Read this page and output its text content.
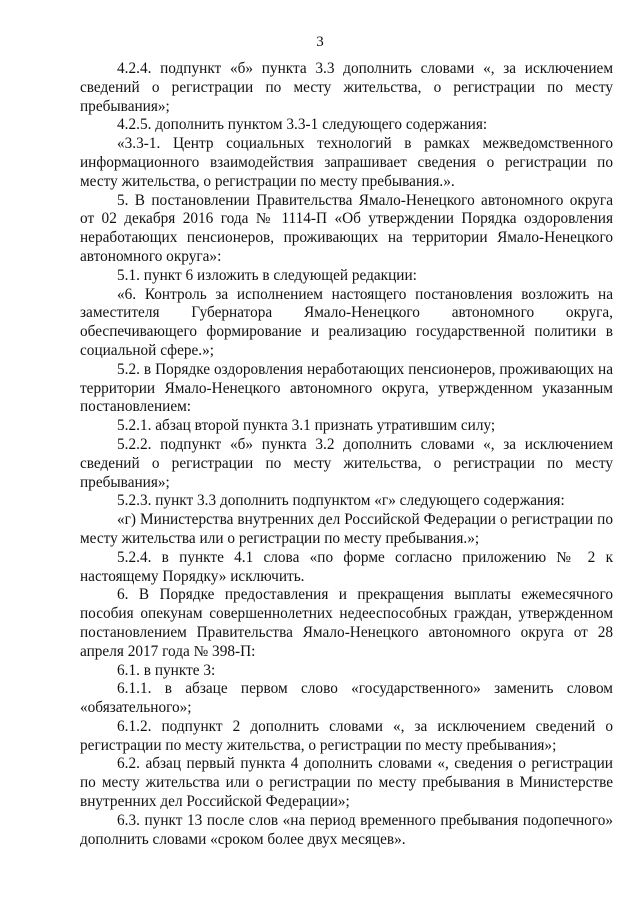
3

4.2.4. подпункт «б» пункта 3.3 дополнить словами «, за исключением сведений о регистрации по месту жительства, о регистрации по месту пребывания»;

4.2.5. дополнить пунктом 3.3-1 следующего содержания:

«3.3-1. Центр социальных технологий в рамках межведомственного информационного взаимодействия запрашивает сведения о регистрации по месту жительства, о регистрации по месту пребывания.».

5. В постановлении Правительства Ямало-Ненецкого автономного округа от 02 декабря 2016 года № 1114-П «Об утверждении Порядка оздоровления неработающих пенсионеров, проживающих на территории Ямало-Ненецкого автономного округа»:

5.1. пункт 6 изложить в следующей редакции:

«6. Контроль за исполнением настоящего постановления возложить на заместителя Губернатора Ямало-Ненецкого автономного округа, обеспечивающего формирование и реализацию государственной политики в социальной сфере.»;

5.2. в Порядке оздоровления неработающих пенсионеров, проживающих на территории Ямало-Ненецкого автономного округа, утвержденном указанным постановлением:

5.2.1. абзац второй пункта 3.1 признать утратившим силу;

5.2.2. подпункт «б» пункта 3.2 дополнить словами «, за исключением сведений о регистрации по месту жительства, о регистрации по месту пребывания»;

5.2.3. пункт 3.3 дополнить подпунктом «г» следующего содержания:

«г) Министерства внутренних дел Российской Федерации о регистрации по месту жительства или о регистрации по месту пребывания.»;

5.2.4. в пункте 4.1 слова «по форме согласно приложению № 2 к настоящему Порядку» исключить.

6. В Порядке предоставления и прекращения выплаты ежемесячного пособия опекунам совершеннолетних недееспособных граждан, утвержденном постановлением Правительства Ямало-Ненецкого автономного округа от 28 апреля 2017 года № 398-П:

6.1. в пункте 3:

6.1.1. в абзаце первом слово «государственного» заменить словом «обязательного»;

6.1.2. подпункт 2 дополнить словами «, за исключением сведений о регистрации по месту жительства, о регистрации по месту пребывания»;

6.2. абзац первый пункта 4 дополнить словами «, сведения о регистрации по месту жительства или о регистрации по месту пребывания в Министерстве внутренних дел Российской Федерации»;

6.3. пункт 13 после слов «на период временного пребывания подопечного» дополнить словами «сроком более двух месяцев».
